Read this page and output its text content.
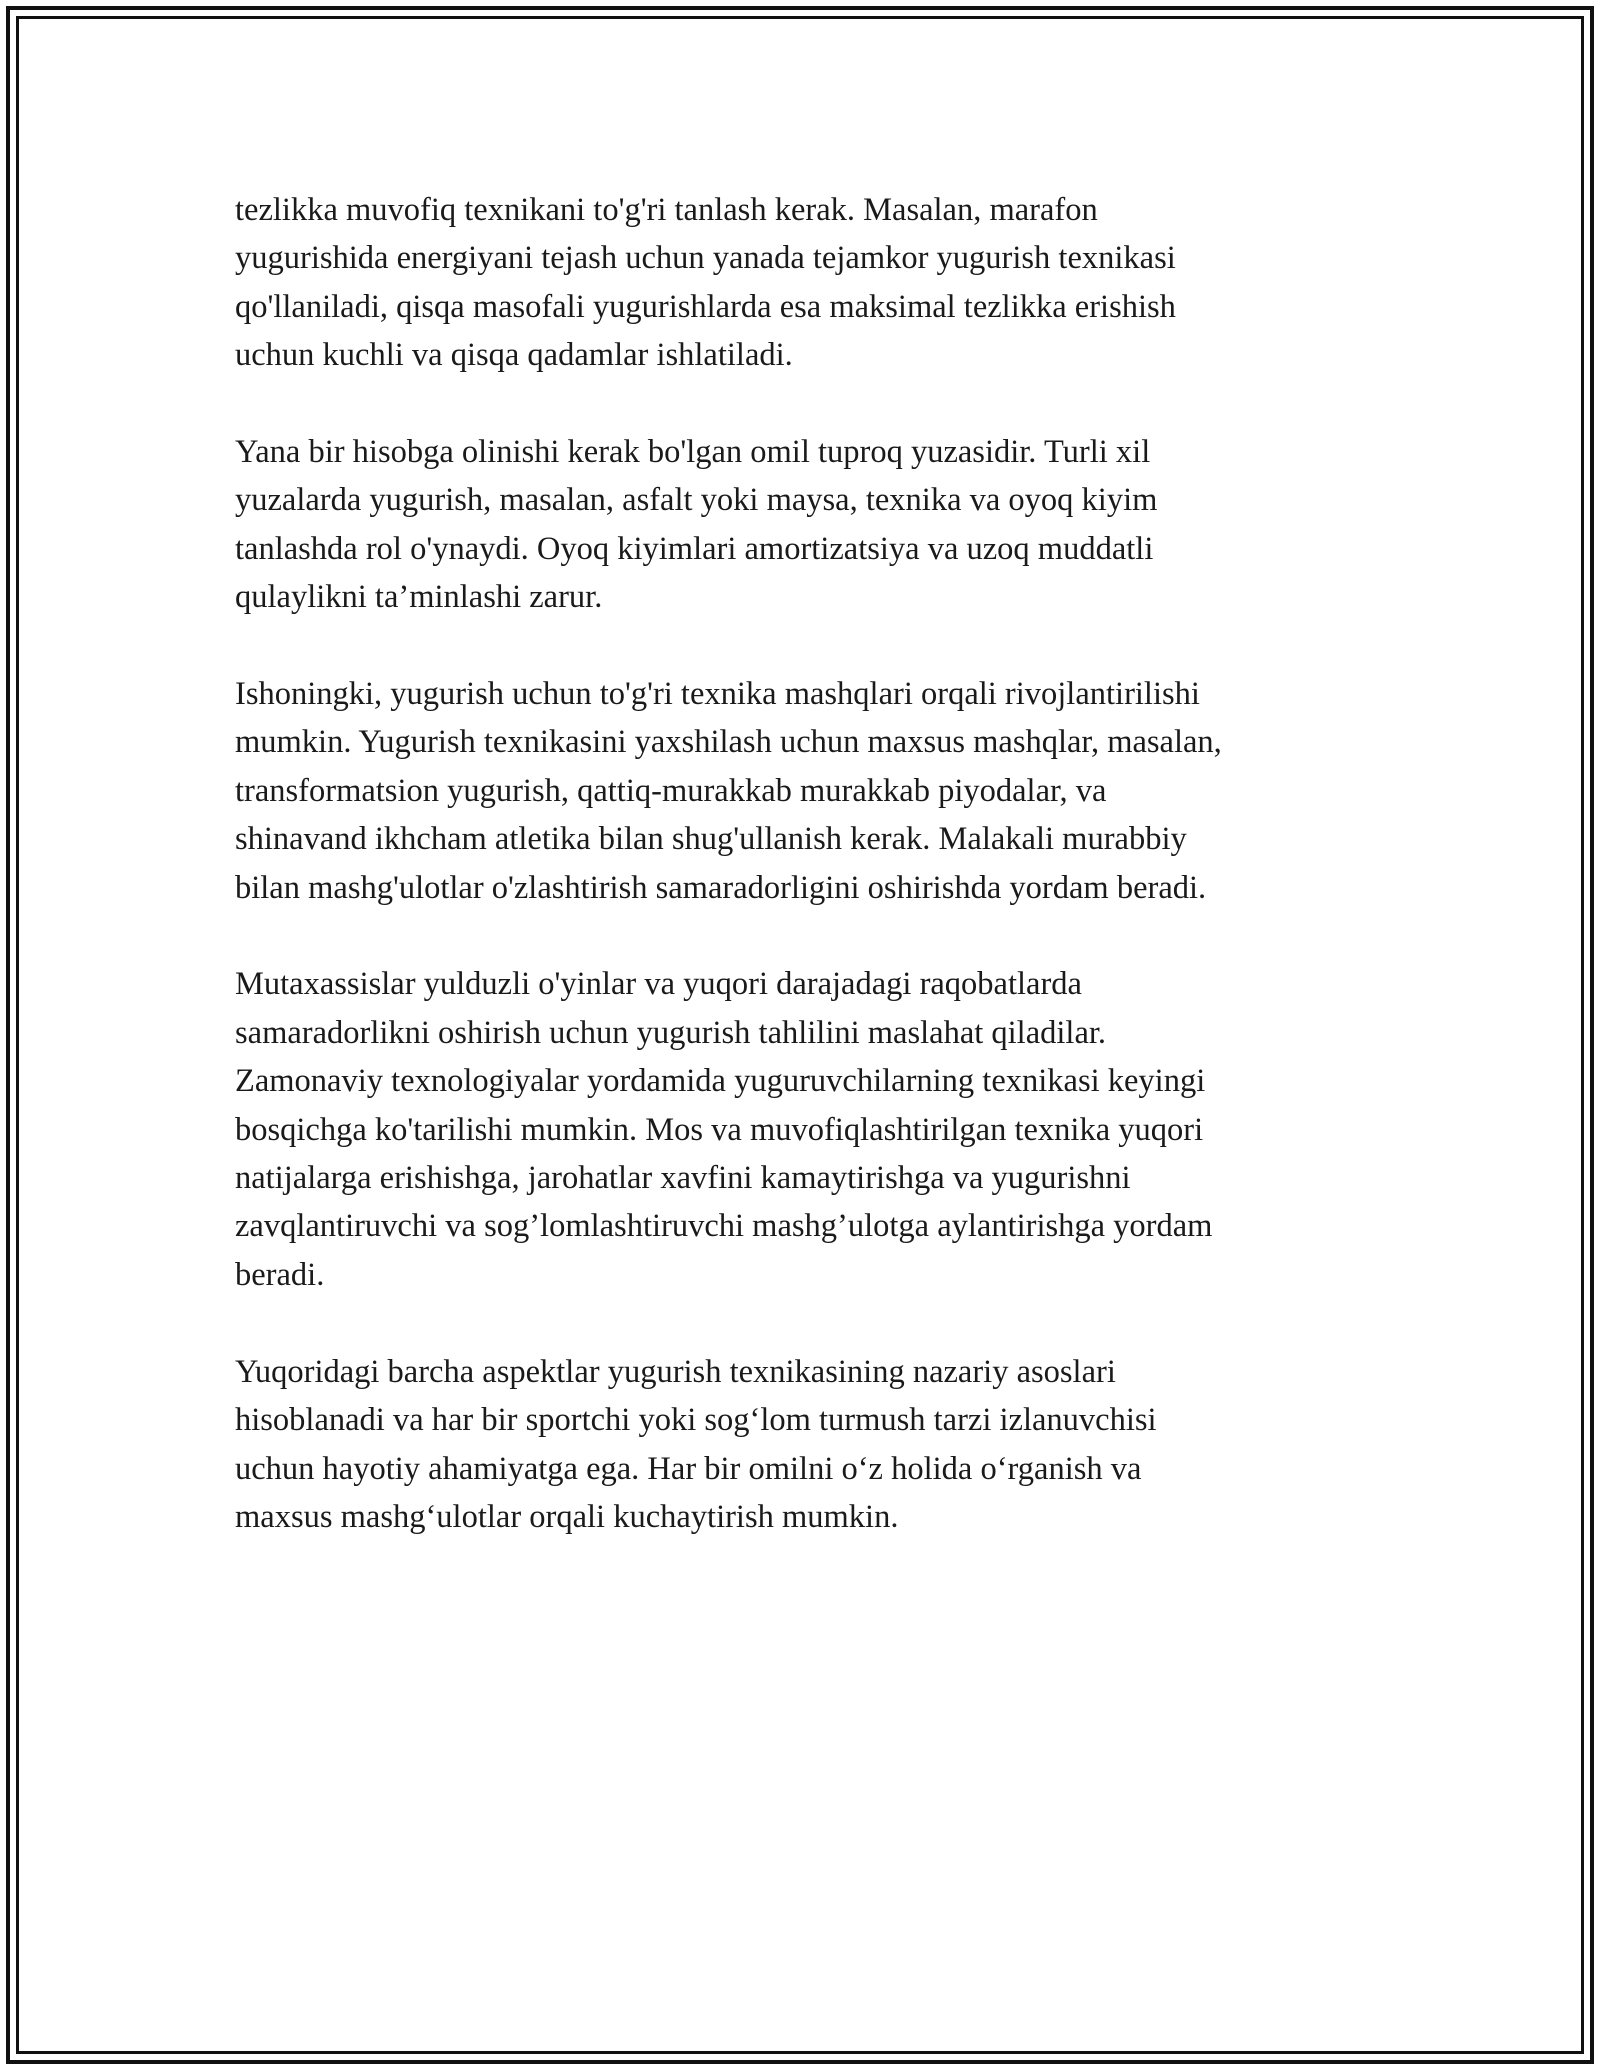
tezlikka muvofiq texnikani to'g'ri tanlash kerak. Masalan, marafon
yugurishida energiyani tejash uchun yanada tejamkor yugurish texnikasi
qo'llaniladi, qisqa masofali yugurishlarda esa maksimal tezlikka erishish
uchun kuchli va qisqa qadamlar ishlatiladi.

Yana bir hisobga olinishi kerak bo'lgan omil tuproq yuzasidir. Turli xil
yuzalarda yugurish, masalan, asfalt yoki maysa, texnika va oyoq kiyim
tanlashda rol o'ynaydi. Oyoq kiyimlari amortizatsiya va uzoq muddatli
qulaylikni ta’minlashi zarur.

Ishoningki, yugurish uchun to'g'ri texnika mashqlari orqali rivojlantirilishi
mumkin. Yugurish texnikasini yaxshilash uchun maxsus mashqlar, masalan,
transformatsion yugurish, qattiq-murakkab murakkab piyodalar, va
shinavand ikhcham atletika bilan shug'ullanish kerak. Malakali murabbiy
bilan mashg'ulotlar o'zlashtirish samaradorligini oshirishda yordam beradi.

Mutaxassislar yulduzli o'yinlar va yuqori darajadagi raqobatlarda
samaradorlikni oshirish uchun yugurish tahlilini maslahat qiladilar.
Zamonaviy texnologiyalar yordamida yuguruvchilarning texnikasi keyingi
bosqichga ko'tarilishi mumkin. Mos va muvofiqlashtirilgan texnika yuqori
natijalarga erishishga, jarohatlar xavfini kamaytirishga va yugurishni
zavqlantiruvchi va sog’lomlashtiruvchi mashg’ulotga aylantirishga yordam
beradi.

Yuqoridagi barcha aspektlar yugurish texnikasining nazariy asoslari
hisoblanadi va har bir sportchi yoki sog‘lom turmush tarzi izlanuvchisi
uchun hayotiy ahamiyatga ega. Har bir omilni o‘z holida o‘rganish va
maxsus mashg‘ulotlar orqali kuchaytirish mumkin.
